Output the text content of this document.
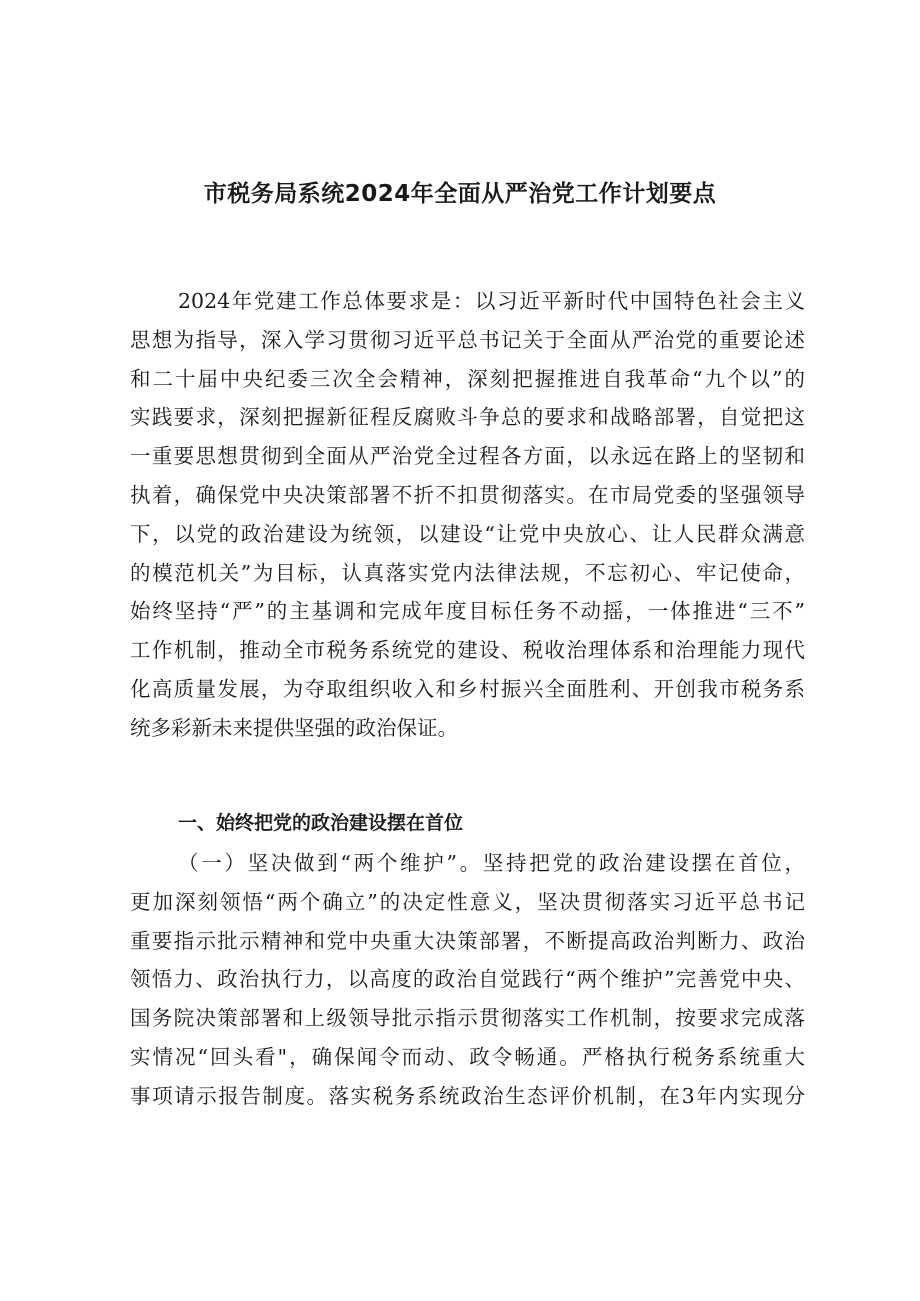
市税务局系统2024年全面从严治党工作计划要点
2024年党建工作总体要求是：以习近平新时代中国特色社会主义
思想为指导，深入学习贯彻习近平总书记关于全面从严治党的重要论述
和二十届中央纪委三次全会精神，深刻把握推进自我革命“九个以”的
实践要求，深刻把握新征程反腐败斗争总的要求和战略部署，自觉把这
一重要思想贯彻到全面从严治党全过程各方面，以永远在路上的坚韧和
执着，确保党中央决策部署不折不扣贯彻落实。在市局党委的坚强领导
下，以党的政治建设为统领，以建设“让党中央放心、让人民群众满意
的模范机关”为目标，认真落实党内法律法规，不忘初心、牢记使命，
始终坚持“严”的主基调和完成年度目标任务不动摇，一体推进“三不”
工作机制，推动全市税务系统党的建设、税收治理体系和治理能力现代
化高质量发展，为夺取组织收入和乡村振兴全面胜利、开创我市税务系
统多彩新未来提供坚强的政治保证。
一、始终把党的政治建设摆在首位
（一）坚决做到“两个维护”。坚持把党的政治建设摆在首位，
更加深刻领悟“两个确立”的决定性意义，坚决贯彻落实习近平总书记
重要指示批示精神和党中央重大决策部署，不断提高政治判断力、政治
领悟力、政治执行力，以高度的政治自觉践行“两个维护”完善党中央、
国务院决策部署和上级领导批示指示贯彻落实工作机制，按要求完成落
实情况“回头看"，确保闻令而动、政令畅通。严格执行税务系统重大
事项请示报告制度。落实税务系统政治生态评价机制，在3年内实现分
